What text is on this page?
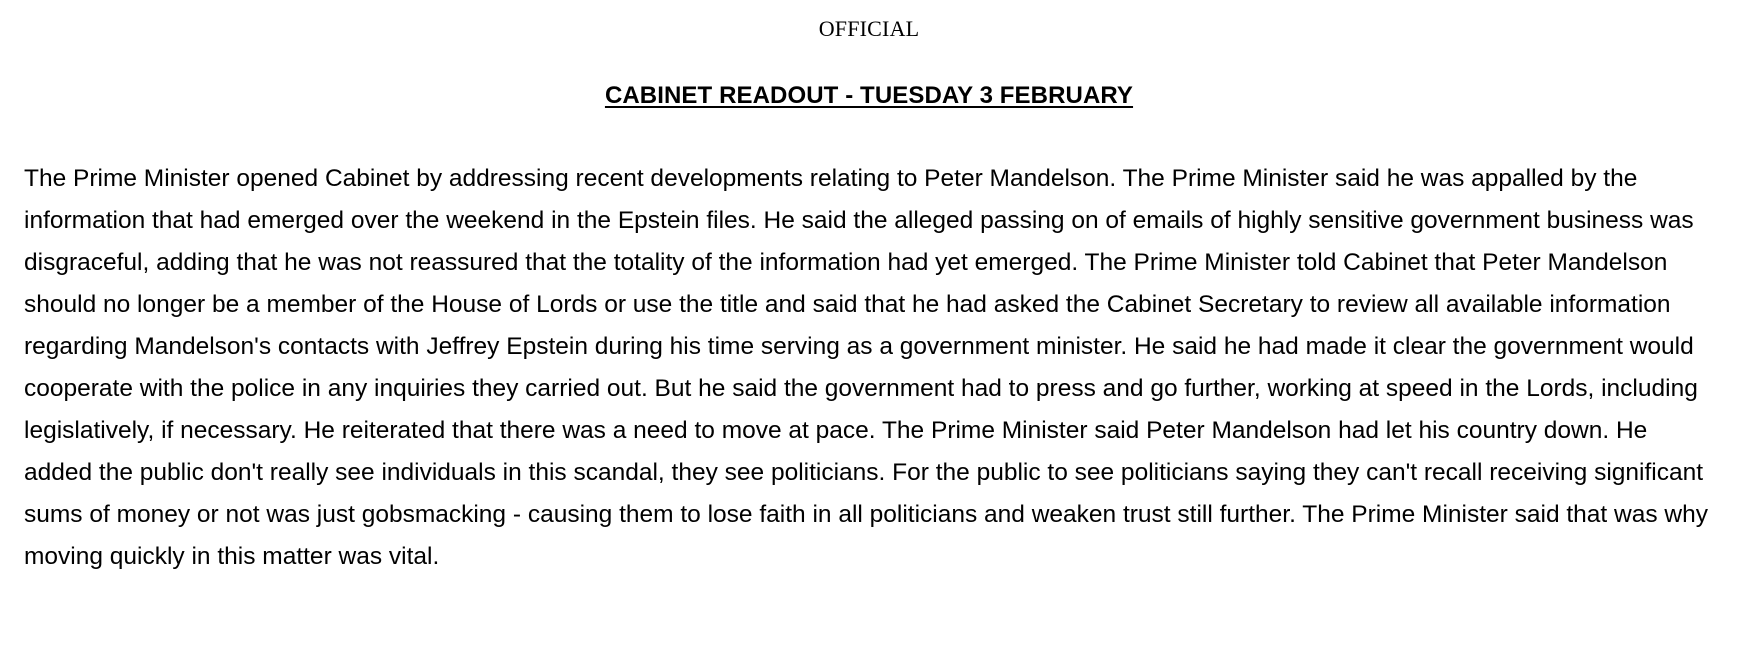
OFFICIAL
CABINET READOUT - TUESDAY 3 FEBRUARY

The Prime Minister opened Cabinet by addressing recent developments relating to Peter Mandelson. The Prime Minister said he was appalled by the information that had emerged over the weekend in the Epstein files. He said the alleged passing on of emails of highly sensitive government business was disgraceful, adding that he was not reassured that the totality of the information had yet emerged. The Prime Minister told Cabinet that Peter Mandelson should no longer be a member of the House of Lords or use the title and said that he had asked the Cabinet Secretary to review all available information regarding Mandelson's contacts with Jeffrey Epstein during his time serving as a government minister. He said he had made it clear the government would cooperate with the police in any inquiries they carried out. But he said the government had to press and go further, working at speed in the Lords, including legislatively, if necessary. He reiterated that there was a need to move at pace. The Prime Minister said Peter Mandelson had let his country down. He added the public don't really see individuals in this scandal, they see politicians. For the public to see politicians saying they can't recall receiving significant sums of money or not was just gobsmacking - causing them to lose faith in all politicians and weaken trust still further. The Prime Minister said that was why moving quickly in this matter was vital.
